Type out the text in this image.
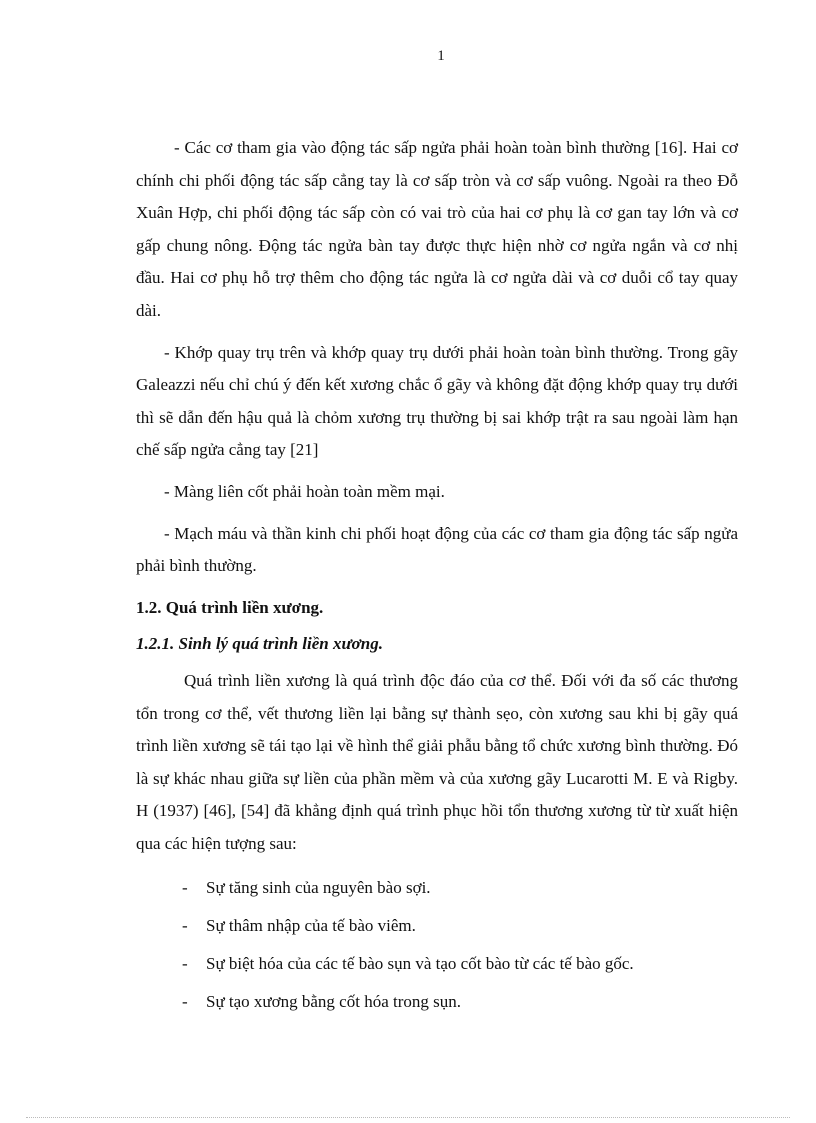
1

- Các cơ tham gia vào động tác sấp ngửa phải hoàn toàn bình thường [16]. Hai cơ chính chi phối động tác sấp cẳng tay là cơ sấp tròn và cơ sấp vuông. Ngoài ra theo Đỗ Xuân Hợp, chi phối động tác sấp còn có vai trò của hai cơ phụ là cơ gan tay lớn và cơ gấp chung nông. Động tác ngửa bàn tay được thực hiện nhờ cơ ngửa ngắn và cơ nhị đầu. Hai cơ phụ hỗ trợ thêm cho động tác ngửa là cơ ngửa dài và cơ duỗi cổ tay quay dài.

- Khớp quay trụ trên và khớp quay trụ dưới phải hoàn toàn bình thường. Trong gãy Galeazzi nếu chỉ chú ý đến kết xương chắc ổ gãy và không đặt động khớp quay trụ dưới thì sẽ dẫn đến hậu quả là chỏm xương trụ thường bị sai khớp trật ra sau ngoài làm hạn chế sấp ngửa cẳng tay [21]

- Màng liên cốt phải hoàn toàn mềm mại.

- Mạch máu và thần kinh chi phối hoạt động của các cơ tham gia động tác sấp ngửa phải bình thường.

1.2. Quá trình liền xương.
1.2.1. Sinh lý quá trình liền xương.

Quá trình liền xương là quá trình độc đáo của cơ thể. Đối với đa số các thương tổn trong cơ thể, vết thương liền lại bằng sự thành sẹo, còn xương sau khi bị gãy quá trình liền xương sẽ tái tạo lại về hình thể giải phẫu bằng tổ chức xương bình thường. Đó là sự khác nhau giữa sự liền của phần mềm và của xương gãy Lucarotti M. E và Rigby. H (1937) [46], [54] đã khẳng định quá trình phục hồi tổn thương xương từ từ xuất hiện qua các hiện tượng sau:

- Sự tăng sinh của nguyên bào sợi.
- Sự thâm nhập của tế bào viêm.
- Sự biệt hóa của các tế bào sụn và tạo cốt bào từ các tế bào gốc.
- Sự tạo xương bằng cốt hóa trong sụn.
